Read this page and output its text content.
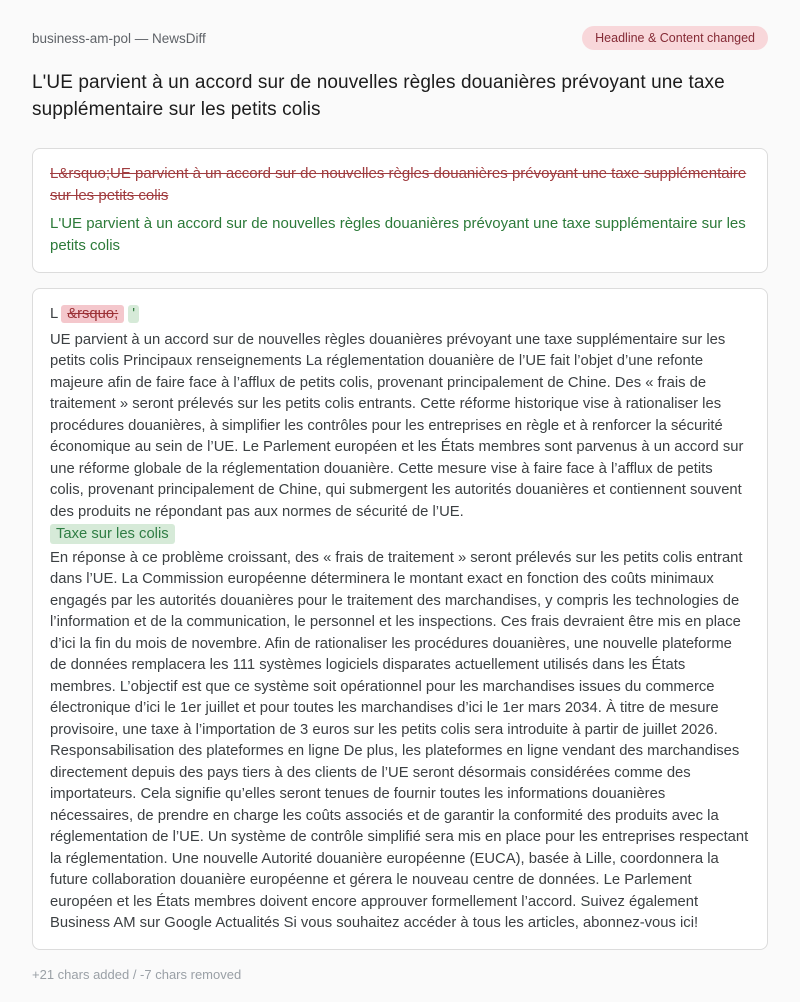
business-am-pol — NewsDiff	Headline & Content changed
L'UE parvient à un accord sur de nouvelles règles douanières prévoyant une taxe supplémentaire sur les petits colis
L&rsquo;UE parvient à un accord sur de nouvelles règles douanières prévoyant une taxe supplémentaire sur les petits colis
L'UE parvient à un accord sur de nouvelles règles douanières prévoyant une taxe supplémentaire sur les petits colis
L &rsquo; '
UE parvient à un accord sur de nouvelles règles douanières prévoyant une taxe supplémentaire sur les petits colis Principaux renseignements La réglementation douanière de l’UE fait l’objet d’une refonte majeure afin de faire face à l’afflux de petits colis, provenant principalement de Chine. Des « frais de traitement » seront prélevés sur les petits colis entrants. Cette réforme historique vise à rationaliser les procédures douanières, à simplifier les contrôles pour les entreprises en règle et à renforcer la sécurité économique au sein de l’UE. Le Parlement européen et les États membres sont parvenus à un accord sur une réforme globale de la réglementation douanière. Cette mesure vise à faire face à l’afflux de petits colis, provenant principalement de Chine, qui submergent les autorités douanières et contiennent souvent des produits ne répondant pas aux normes de sécurité de l’UE.
Taxe sur les colis
En réponse à ce problème croissant, des « frais de traitement » seront prélevés sur les petits colis entrant dans l’UE. La Commission européenne déterminera le montant exact en fonction des coûts minimaux engagés par les autorités douanières pour le traitement des marchandises, y compris les technologies de l’information et de la communication, le personnel et les inspections. Ces frais devraient être mis en place d’ici la fin du mois de novembre. Afin de rationaliser les procédures douanières, une nouvelle plateforme de données remplacera les 111 systèmes logiciels disparates actuellement utilisés dans les États membres. L’objectif est que ce système soit opérationnel pour les marchandises issues du commerce électronique d’ici le 1er juillet et pour toutes les marchandises d’ici le 1er mars 2034. À titre de mesure provisoire, une taxe à l’importation de 3 euros sur les petits colis sera introduite à partir de juillet 2026. Responsabilisation des plateformes en ligne De plus, les plateformes en ligne vendant des marchandises directement depuis des pays tiers à des clients de l’UE seront désormais considérées comme des importateurs. Cela signifie qu’elles seront tenues de fournir toutes les informations douanières nécessaires, de prendre en charge les coûts associés et de garantir la conformité des produits avec la réglementation de l’UE. Un système de contrôle simplifié sera mis en place pour les entreprises respectant la réglementation. Une nouvelle Autorité douanière européenne (EUCA), basée à Lille, coordonnera la future collaboration douanière européenne et gérera le nouveau centre de données. Le Parlement européen et les États membres doivent encore approuver formellement l’accord. Suivez également Business AM sur Google Actualités Si vous souhaitez accéder à tous les articles, abonnez-vous ici!
+21 chars added / -7 chars removed
